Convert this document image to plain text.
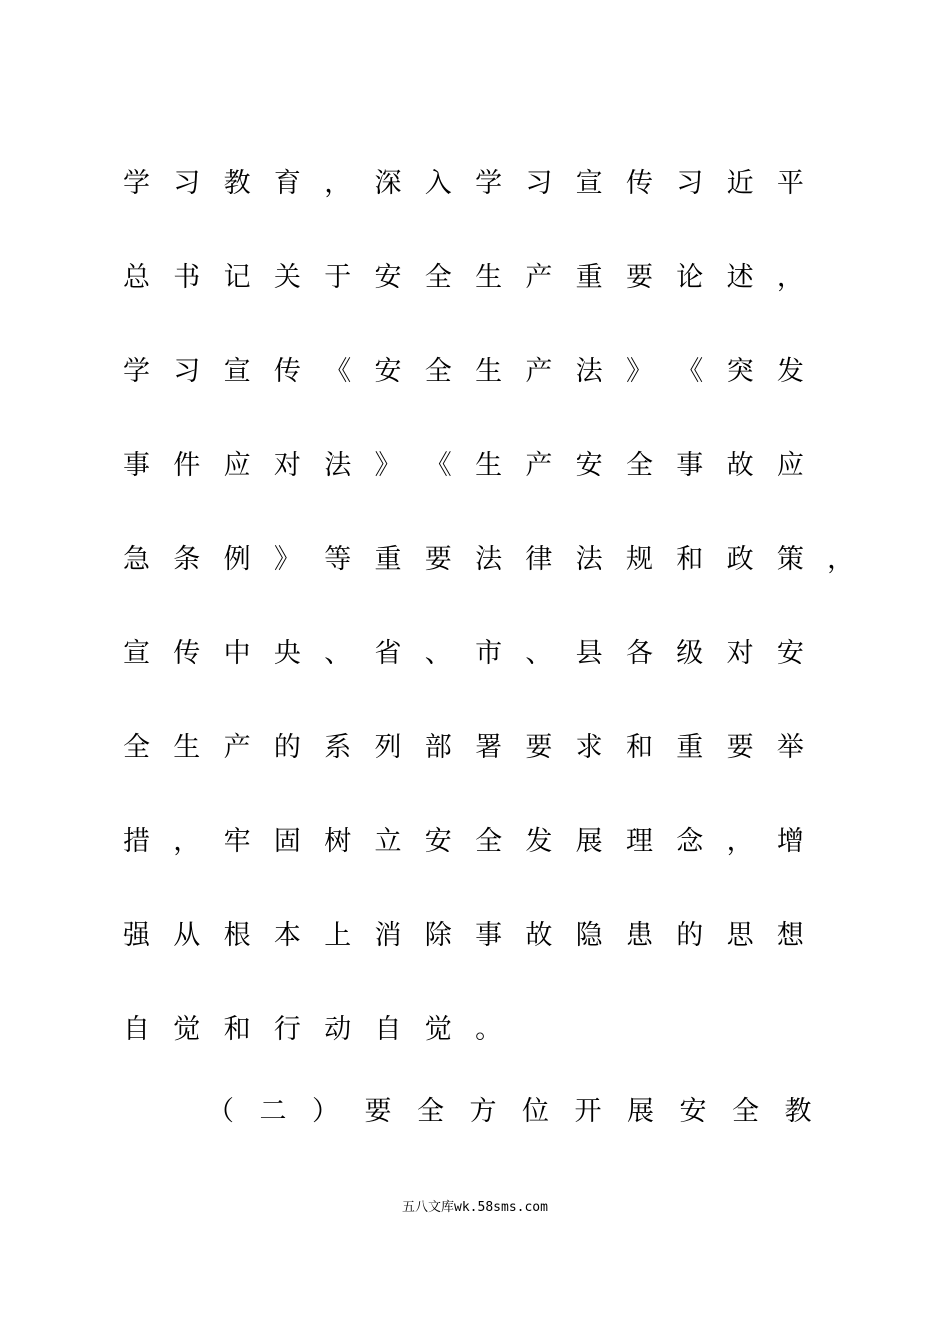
学 习 教 育 ， 深 入 学 习 宣 传 习 近 平
总 书 记 关 于 安 全 生 产 重 要 论 述 ，
学 习 宣 传 《 安 全 生 产 法 》 《 突 发
事 件 应 对 法 》 《 生 产 安 全 事 故 应
急 条 例 》 等 重 要 法 律 法 规 和 政 策 ，
宣 传 中 央 、 省 、 市 、 县 各 级 对 安
全 生 产 的 系 列 部 署 要 求 和 重 要 举
措 ， 牢 固 树 立 安 全 发 展 理 念 ， 增
强 从 根 本 上 消 除 事 故 隐 患 的 思 想
自 觉 和 行 动 自 觉 。
（ 二 ） 要 全 方 位 开 展 安 全 教
五八文库wk.58sms.com
